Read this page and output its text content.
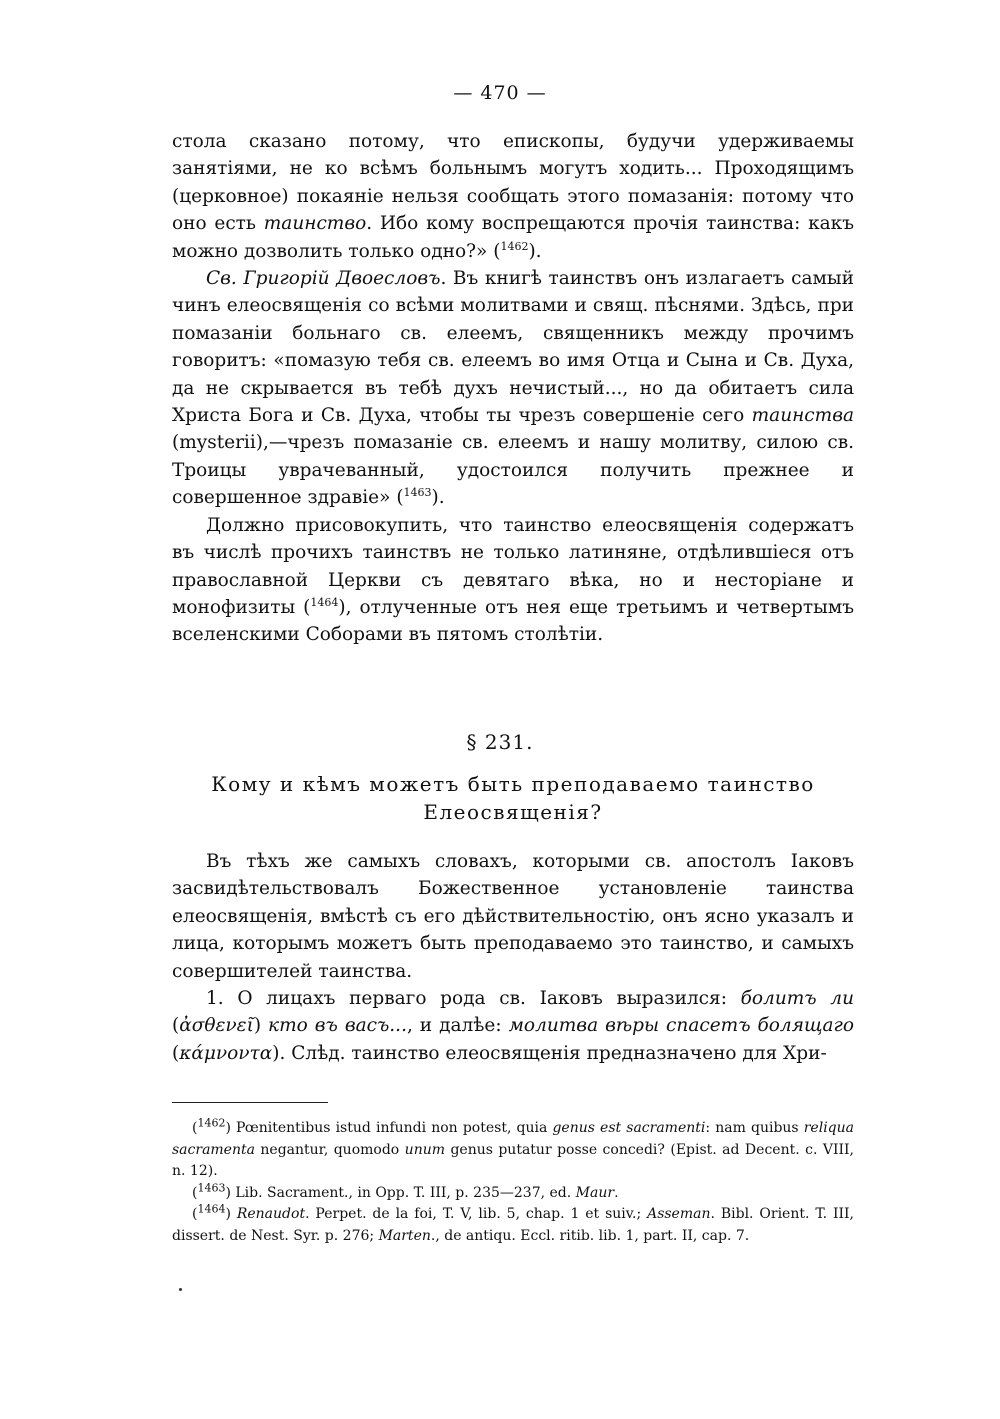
— 470 —

стола сказано потому, что епископы, будучи удерживаемы занятіями, не ко всѣмъ больнымъ могутъ ходить... Проходящимъ (церковное) покаяніе нельзя сообщать этого помазанія: потому что оно есть таинство. Ибо кому воспрещаются прочія таинства: какъ можно дозволить только одно?» ($^{1462}$).

Св. Григорій Двоесловъ. Въ книгѣ таинствъ онъ излагаетъ самый чинъ елеосвященія со всѣми молитвами и свящ. пѣснями. Здѣсь, при помазаніи больнаго св. елеемъ, священникъ между прочимъ говоритъ: «помазую тебя св. елеемъ во имя Отца и Сына и Св. Духа, да не скрывается въ тебѣ духъ нечистый..., но да обитаетъ сила Христа Бога и Св. Духа, чтобы ты чрезъ совершеніе сего таинства (mysterii),—чрезъ помазаніе св. елеемъ и нашу молитву, силою св. Троицы уврачеванный, удостоился получить прежнее и совершенное здравіе» ($^{1463}$).

Должно присовокупить, что таинство елеосвященія содержатъ въ числѣ прочихъ таинствъ не только латиняне, отдѣлившіеся отъ православной Церкви съ девятаго вѣка, но и несторіане и монофизиты ($^{1464}$), отлученные отъ нея еще третьимъ и четвертымъ вселенскими Соборами въ пятомъ столѣтіи.

§ 231.
Кому и кѣмъ можетъ быть преподаваемо таинство Елеосвященія?

Въ тѣхъ же самыхъ словахъ, которыми св. апостолъ Іаковъ засвидѣтельствовалъ Божественное установленіе таинства елеосвященія, вмѣстѣ съ его дѣйствительностію, онъ ясно указалъ и лица, которымъ можетъ быть преподаваемо это таинство, и самыхъ совершителей таинства.

1. О лицахъ перваго рода св. Іаковъ выразился: болитъ ли (ἀσθενεῖ) кто въ васъ..., и далѣе: молитва вѣры спасетъ болящаго (κάμνοντα). Слѣд. таинство елеосвященія предназначено для Хри-

($^{1462}$) Pœnitentibus istud infundi non potest, quia genus est sacramenti: nam quibus reliqua sacramenta negantur, quomodo unum genus putatur posse concedi? (Epist. ad Decent. c. VIII, n. 12).

($^{1463}$) Lib. Sacrament., in Opp. T. III, p. 235—237, ed. Maur.

($^{1464}$) Renaudot. Perpet. de la foi, T. V, lib. 5, chap. 1 et suiv.; Asseman. Bibl. Orient. T. III, dissert. de Nest. Syr. p. 276; Marten., de antiqu. Eccl. ritib. lib. 1, part. II, cap. 7.
